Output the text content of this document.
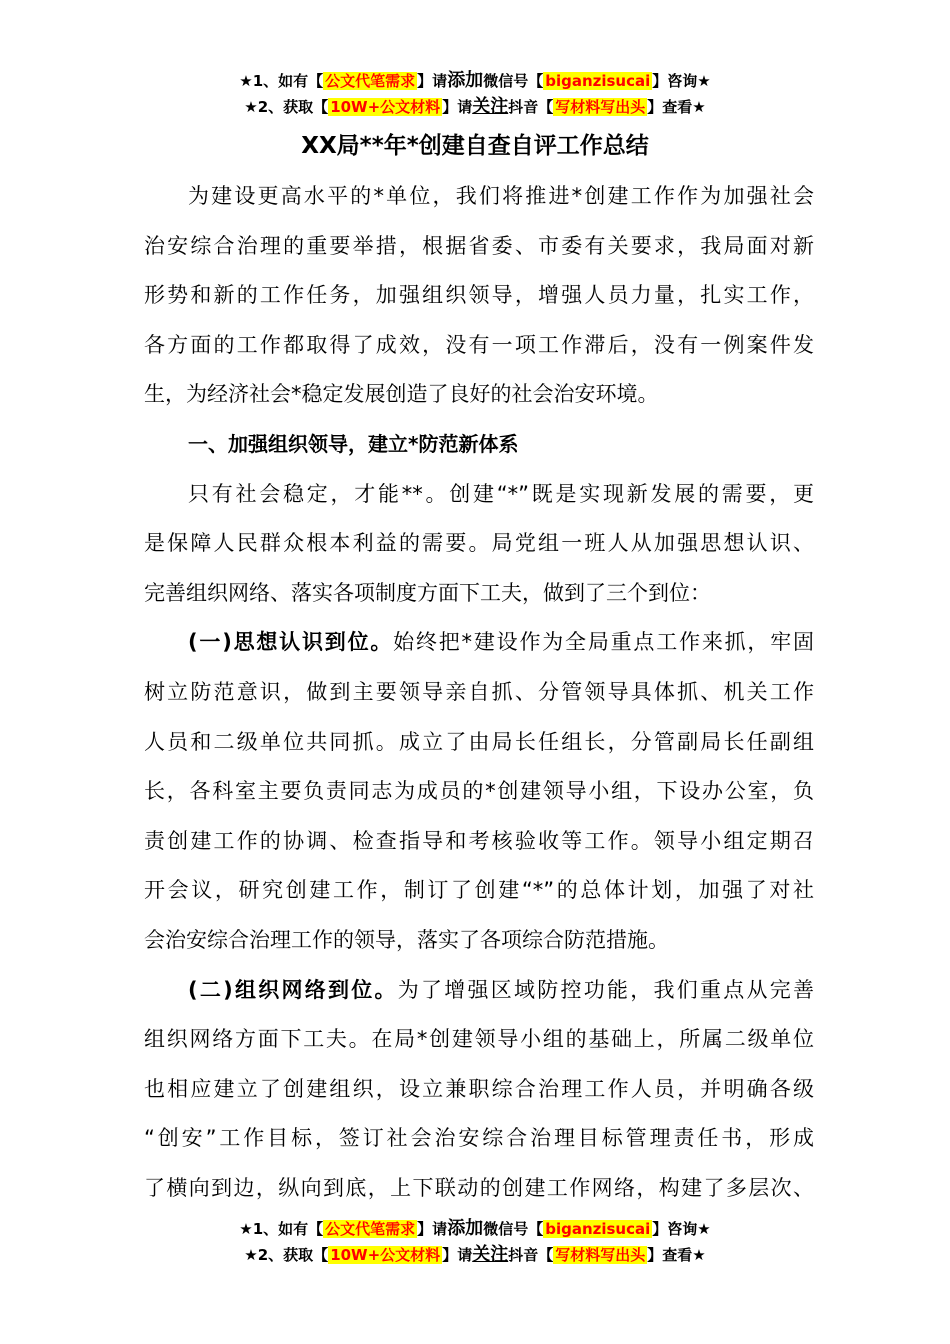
★1、如有【 公文代笔需求 】请添加微信号【 biganzisucai 】咨询★
★2、获取【 10W+公文材料 】请关注抖音【 写材料写出头 】查看★
XX局**年*创建自查自评工作总结
为建设更高水平的*单位，我们将推进*创建工作作为加强社会
治安综合治理的重要举措，根据省委、市委有关要求，我局面对新
形势和新的工作任务，加强组织领导，增强人员力量，扎实工作，
各方面的工作都取得了成效，没有一项工作滞后，没有一例案件发
生，为经济社会*稳定发展创造了良好的社会治安环境。
一、加强组织领导，建立*防范新体系
只有社会稳定，才能**。创建“*”既是实现新发展的需要，更
是保障人民群众根本利益的需要。局党组一班人从加强思想认识、
完善组织网络、落实各项制度方面下工夫，做到了三个到位：
(一)思想认识到位。始终把*建设作为全局重点工作来抓，牢固
树立防范意识，做到主要领导亲自抓、分管领导具体抓、机关工作
人员和二级单位共同抓。成立了由局长任组长，分管副局长任副组
长，各科室主要负责同志为成员的*创建领导小组，下设办公室，负
责创建工作的协调、检查指导和考核验收等工作。领导小组定期召
开会议，研究创建工作，制订了创建“*”的总体计划，加强了对社
会治安综合治理工作的领导，落实了各项综合防范措施。
(二)组织网络到位。为了增强区域防控功能，我们重点从完善
组织网络方面下工夫。在局*创建领导小组的基础上，所属二级单位
也相应建立了创建组织，设立兼职综合治理工作人员，并明确各级
“创安”工作目标，签订社会治安综合治理目标管理责任书，形成
了横向到边，纵向到底，上下联动的创建工作网络，构建了多层次、
★1、如有【 公文代笔需求 】请添加微信号【 biganzisucai 】咨询★
★2、获取【 10W+公文材料 】请关注抖音【 写材料写出头 】查看★
